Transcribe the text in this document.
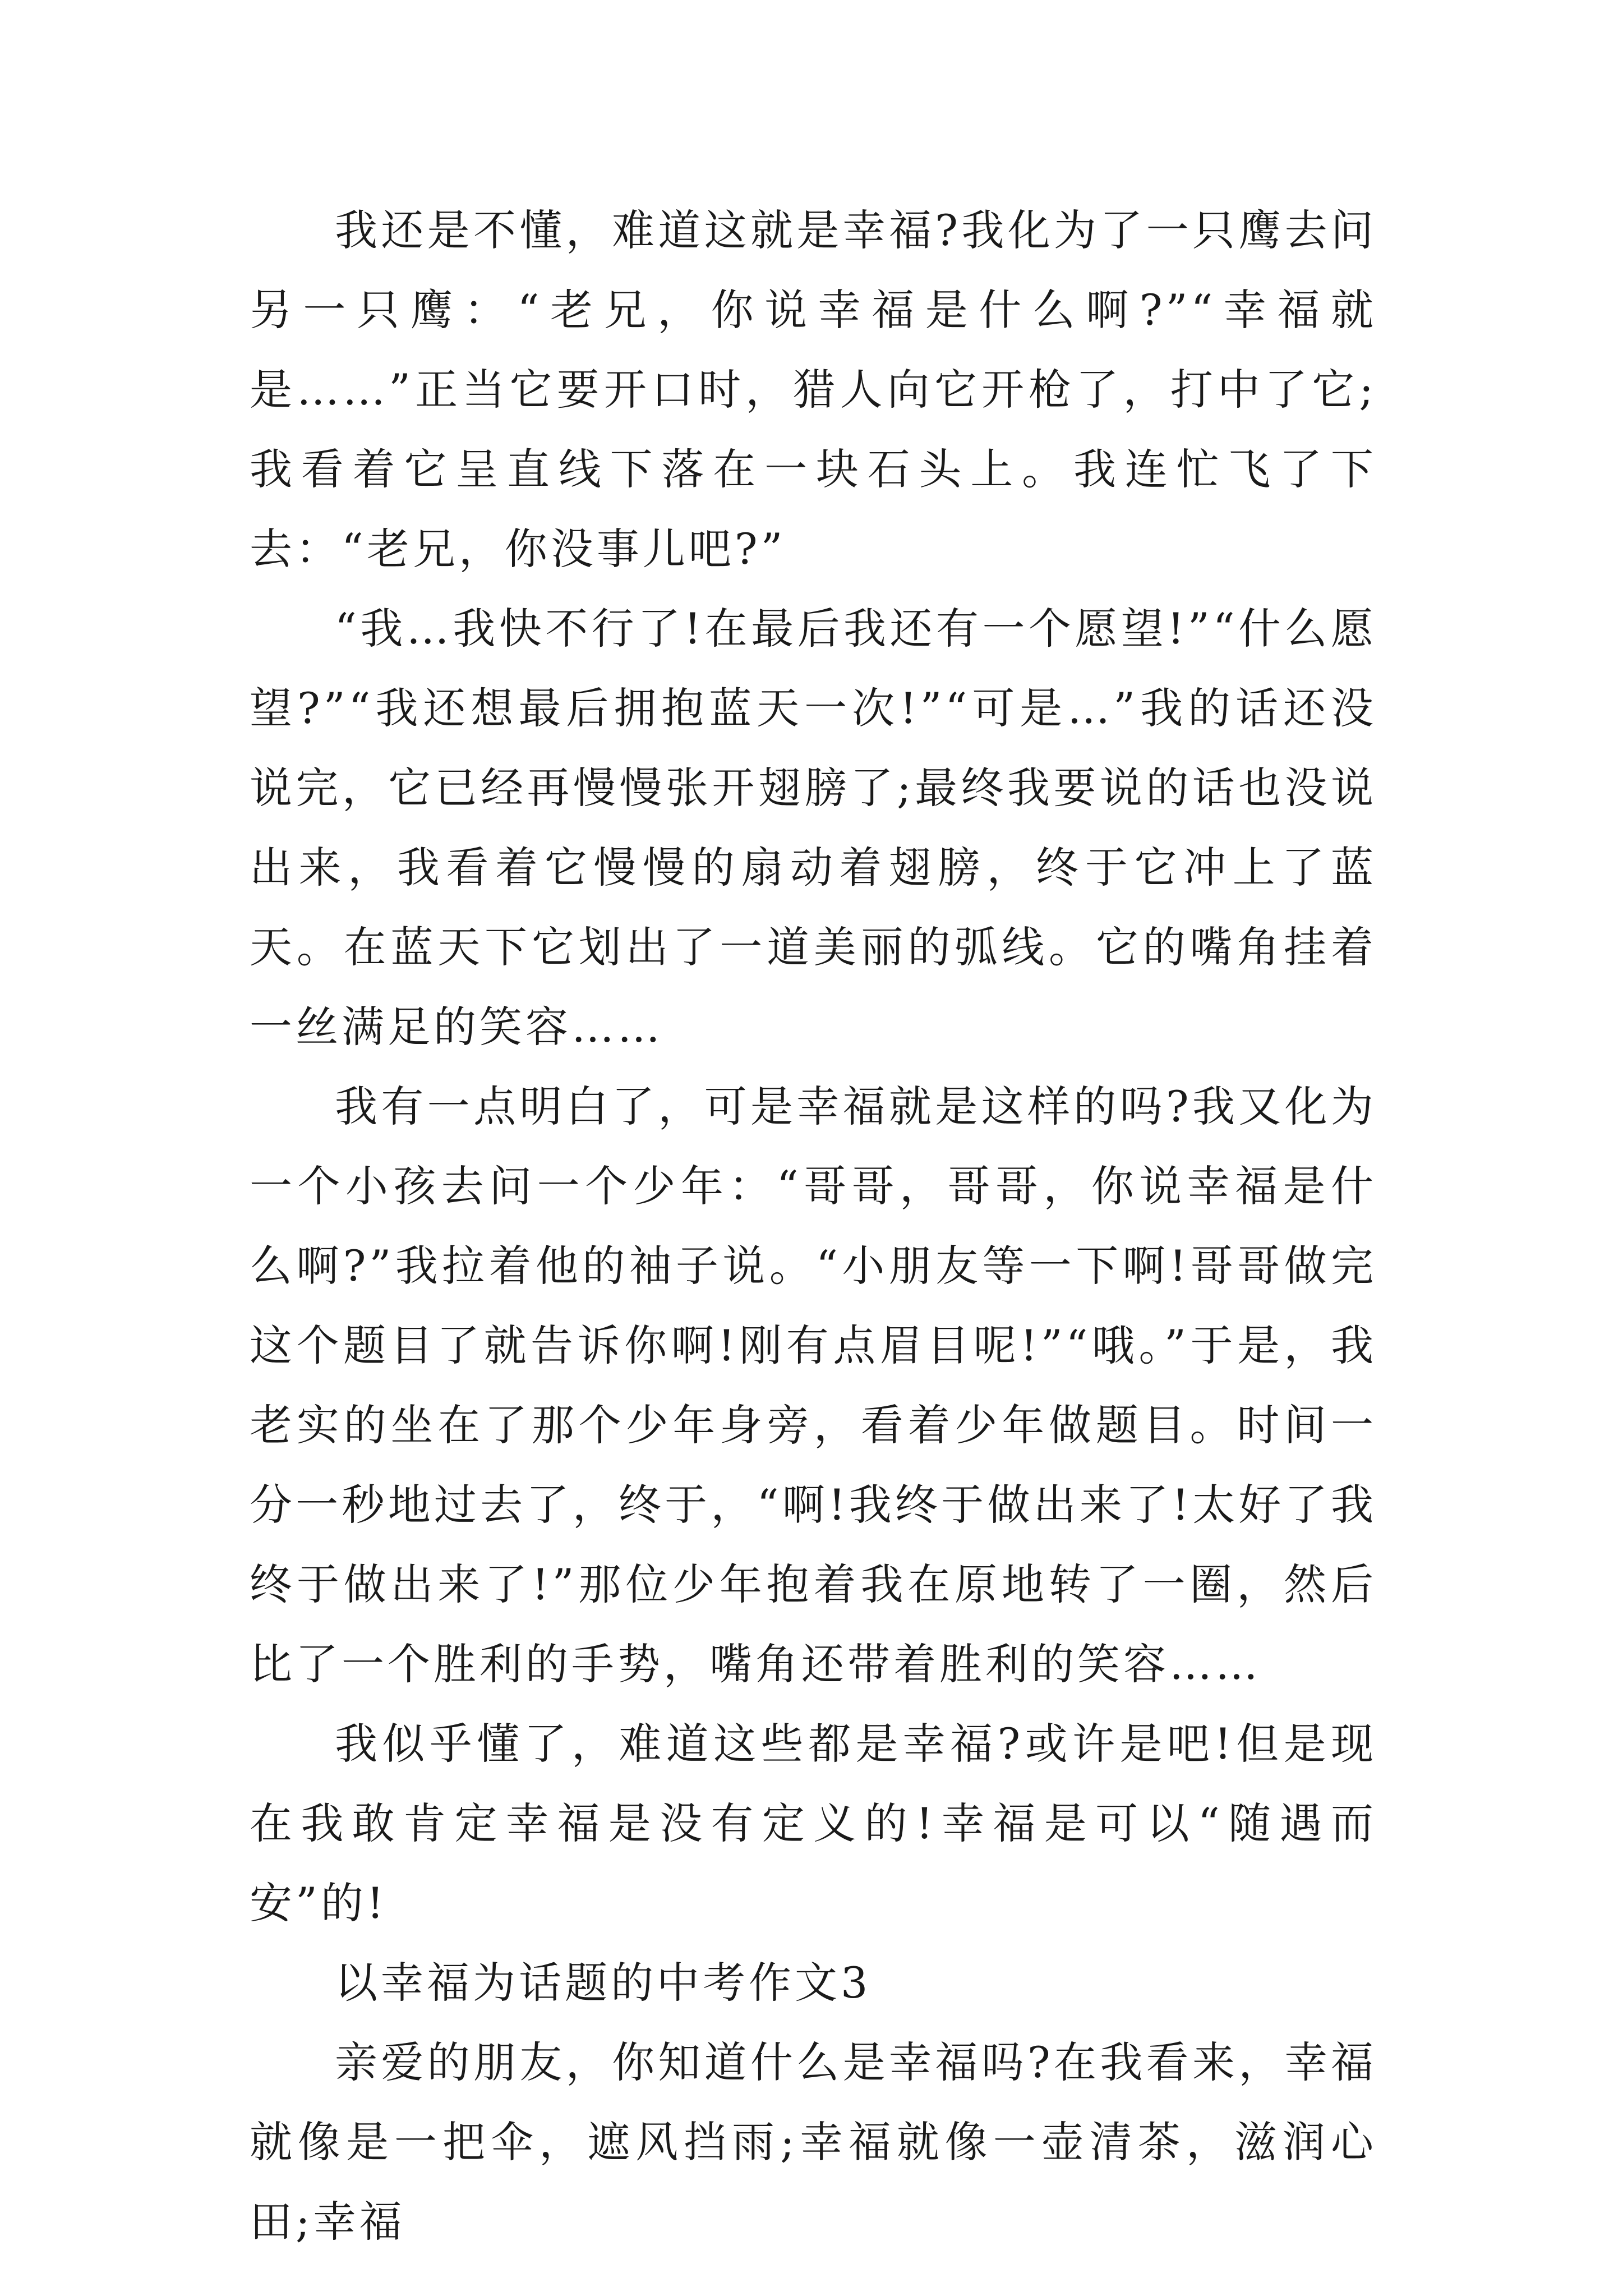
我还是不懂，难道这就是幸福?我化为了一只鹰去问另一只鹰：“老兄，你说幸福是什么啊?”“幸福就是……”正当它要开口时，猎人向它开枪了，打中了它;我看着它呈直线下落在一块石头上。我连忙飞了下去：“老兄，你没事儿吧?”

“我…我快不行了!在最后我还有一个愿望!”“什么愿望?”“我还想最后拥抱蓝天一次!”“可是…”我的话还没说完，它已经再慢慢张开翅膀了;最终我要说的话也没说出来，我看着它慢慢的扇动着翅膀，终于它冲上了蓝天。在蓝天下它划出了一道美丽的弧线。它的嘴角挂着一丝满足的笑容……

我有一点明白了，可是幸福就是这样的吗?我又化为一个小孩去问一个少年：“哥哥，哥哥，你说幸福是什么啊?”我拉着他的袖子说。“小朋友等一下啊!哥哥做完这个题目了就告诉你啊!刚有点眉目呢!”“哦。”于是，我老实的坐在了那个少年身旁，看着少年做题目。时间一分一秒地过去了，终于，“啊!我终于做出来了!太好了我终于做出来了!”那位少年抱着我在原地转了一圈，然后比了一个胜利的手势，嘴角还带着胜利的笑容……

我似乎懂了，难道这些都是幸福?或许是吧!但是现在我敢肯定幸福是没有定义的!幸福是可以“随遇而安”的!

以幸福为话题的中考作文3

亲爱的朋友，你知道什么是幸福吗?在我看来，幸福就像是一把伞，遮风挡雨;幸福就像一壶清茶，滋润心田;幸福
